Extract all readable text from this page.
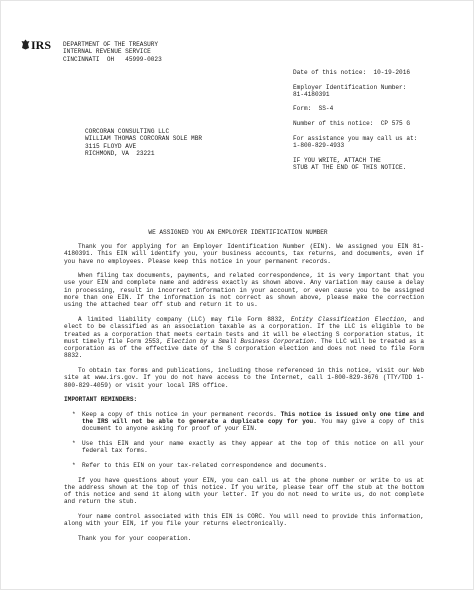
IRS DEPARTMENT OF THE TREASURY
INTERNAL REVENUE SERVICE
CINCINNATI  OH   45999-0023
Date of this notice:  10-19-2016
Employer Identification Number:
81-4180391
Form:  SS-4
Number of this notice:  CP 575 G
For assistance you may call us at:
1-800-829-4933
IF YOU WRITE, ATTACH THE
STUB AT THE END OF THIS NOTICE.
CORCORAN CONSULTING LLC
WILLIAM THOMAS CORCORAN SOLE MBR
3115 FLOYD AVE
RICHMOND, VA  23221
WE ASSIGNED YOU AN EMPLOYER IDENTIFICATION NUMBER

Thank you for applying for an Employer Identification Number (EIN). We assigned you EIN 81-4180391. This EIN will identify you, your business accounts, tax returns, and documents, even if you have no employees. Please keep this notice in your permanent records.

When filing tax documents, payments, and related correspondence, it is very important that you use your EIN and complete name and address exactly as shown above. Any variation may cause a delay in processing, result in incorrect information in your account, or even cause you to be assigned more than one EIN. If the information is not correct as shown above, please make the correction using the attached tear off stub and return it to us.

A limited liability company (LLC) may file Form 8832, Entity Classification Election, and elect to be classified as an association taxable as a corporation. If the LLC is eligible to be treated as a corporation that meets certain tests and it will be electing S corporation status, it must timely file Form 2553, Election by a Small Business Corporation. The LLC will be treated as a corporation as of the effective date of the S corporation election and does not need to file Form 8832.

To obtain tax forms and publications, including those referenced in this notice, visit our Web site at www.irs.gov. If you do not have access to the Internet, call 1-800-829-3676 (TTY/TDD 1-800-829-4059) or visit your local IRS office.

IMPORTANT REMINDERS:

* Keep a copy of this notice in your permanent records. This notice is issued only one time and the IRS will not be able to generate a duplicate copy for you. You may give a copy of this document to anyone asking for proof of your EIN.
* Use this EIN and your name exactly as they appear at the top of this notice on all your federal tax forms.
* Refer to this EIN on your tax-related correspondence and documents.

If you have questions about your EIN, you can call us at the phone number or write to us at the address shown at the top of this notice. If you write, please tear off the stub at the bottom of this notice and send it along with your letter. If you do not need to write us, do not complete and return the stub.

Your name control associated with this EIN is CORC. You will need to provide this information, along with your EIN, if you file your returns electronically.

Thank you for your cooperation.
